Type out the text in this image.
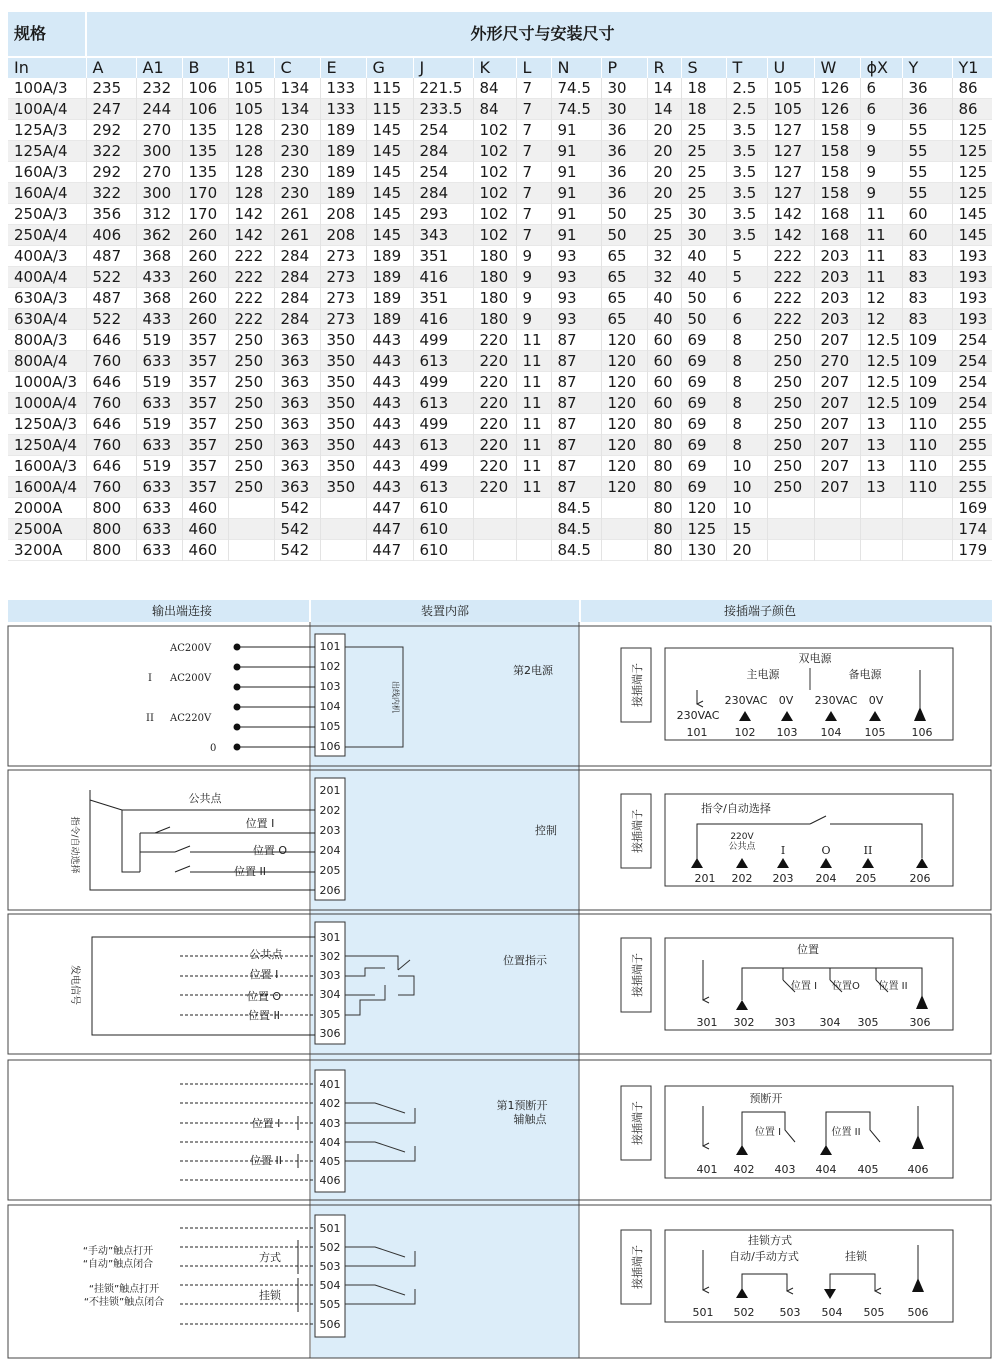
规格	外形尺寸与安装尺寸																			
In	A	A1	B	B1	C	E	G	J	K	L	N	P	R	S	T	U	W	ϕX	Y	Y1
100A/3	235	232	106	105	134	133	115	221.5	84	7	74.5	30	14	18	2.5	105	126	6	36	86
100A/4	247	244	106	105	134	133	115	233.5	84	7	74.5	30	14	18	2.5	105	126	6	36	86
125A/3	292	270	135	128	230	189	145	254	102	7	91	36	20	25	3.5	127	158	9	55	125
125A/4	322	300	135	128	230	189	145	284	102	7	91	36	20	25	3.5	127	158	9	55	125
160A/3	292	270	135	128	230	189	145	254	102	7	91	36	20	25	3.5	127	158	9	55	125
160A/4	322	300	170	128	230	189	145	284	102	7	91	36	20	25	3.5	127	158	9	55	125
250A/3	356	312	170	142	261	208	145	293	102	7	91	50	25	30	3.5	142	168	11	60	145
250A/4	406	362	260	142	261	208	145	343	102	7	91	50	25	30	3.5	142	168	11	60	145
400A/3	487	368	260	222	284	273	189	351	180	9	93	65	32	40	5	222	203	11	83	193
400A/4	522	433	260	222	284	273	189	416	180	9	93	65	32	40	5	222	203	11	83	193
630A/3	487	368	260	222	284	273	189	351	180	9	93	65	40	50	6	222	203	12	83	193
630A/4	522	433	260	222	284	273	189	416	180	9	93	65	40	50	6	222	203	12	83	193
800A/3	646	519	357	250	363	350	443	499	220	11	87	120	60	69	8	250	207	12.5	109	254
800A/4	760	633	357	250	363	350	443	613	220	11	87	120	60	69	8	250	270	12.5	109	254
1000A/3	646	519	357	250	363	350	443	499	220	11	87	120	60	69	8	250	207	12.5	109	254
1000A/4	760	633	357	250	363	350	443	613	220	11	87	120	60	69	8	250	207	12.5	109	254
1250A/3	646	519	357	250	363	350	443	499	220	11	87	120	80	69	8	250	207	13	110	255
1250A/4	760	633	357	250	363	350	443	613	220	11	87	120	80	69	8	250	207	13	110	255
1600A/3	646	519	357	250	363	350	443	499	220	11	87	120	80	69	10	250	207	13	110	255
1600A/4	760	633	357	250	363	350	443	613	220	11	87	120	80	69	10	250	207	13	110	255
2000A	800	633	460		542		447	610			84.5		80	120	10					169
2500A	800	633	460		542		447	610			84.5		80	125	15					174
3200A	800	633	460		542		447	610			84.5		80	130	20					179
输出端连接	装置内部	接插端子颜色
101
102
103
104
105
106
AC200V
I AC200V
II AC220V
0
出线内机
第2电源	接插端子
双电源
主电源	备电源
230VAC 0V 230VAC 0V
230VAC
101 102 103 104 105 106
201
202
203
204
205
206
指令/自动选择
公共点
位置 I
位置 O
位置 II
控制	接插端子
指令/自动选择
220V
公共点 I	O	II
201 202 203 204 205	206
301
302
303
304
305
306
发电信号
公共点
位置 I
位置 O
位置 II
位置指示	接插端子
位置
位置 I 位置O 位置 II
301 302 303 304 305	306
401
402
403
404
405
406
位置 I
位置 II
第1预断开
辅触点	接插端子
预断开
位置 I	位置 II
401 402 403 404 405	406
501
502
503
504
505
506
“手动”触点打开
“自动”触点闭合
“挂锁”触点打开
“不挂锁”触点闭合
方式
挂锁
接插端子
挂锁方式
自动/手动方式	挂锁
501 502 503 504 505 506
